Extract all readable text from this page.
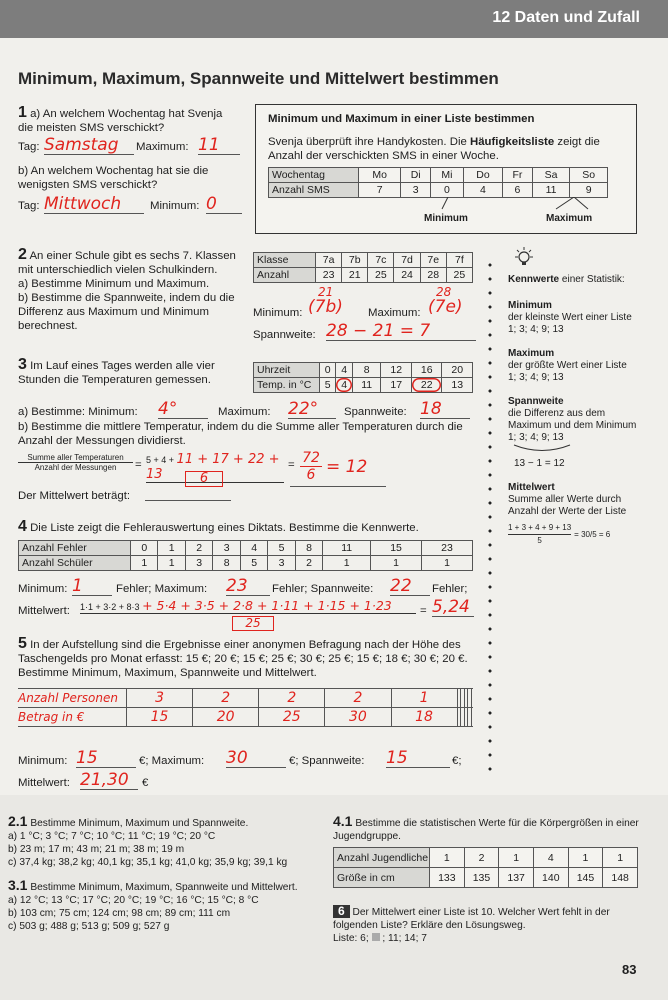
12 Daten und Zufall
Minimum, Maximum, Spannweite und Mittelwert bestimmen
1 a) An welchem Wochentag hat Svenja die meisten SMS verschickt?
Tag: Samstag	Maximum: 11
b) An welchem Wochentag hat sie die wenigsten SMS verschickt?
Tag: Mittwoch	Minimum: 0
Minimum und Maximum in einer Liste bestimmen
Svenja überprüft ihre Handykosten. Die Häufigkeitsliste zeigt die Anzahl der verschickten SMS in einer Woche.
Wochentag	Mo	Di	Mi	Do	Fr	Sa	So
Anzahl SMS	7	3	0	4	6	11	9
Minimum	Maximum
2 An einer Schule gibt es sechs 7. Klassen mit unterschiedlich vielen Schulkindern.
a) Bestimme Minimum und Maximum.
b) Bestimme die Spannweite, indem du die Differenz aus Maximum und Minimum berechnest.
Klasse	7a	7b	7c	7d	7e	7f
Anzahl	23	21	25	24	28	25
Minimum:
21
(7b) Maximum:
28
(7e)
Spannweite: 28 − 21 = 7
3 Im Lauf eines Tages werden alle vier Stunden die Temperaturen gemessen.
Uhrzeit	0	4	8	12	16	20
Temp. in °C	5	4	11	17	22	13
a) Bestimme: Minimum: 4°	Maximum: 22°	Spannweite: 18
b) Bestimme die mittlere Temperatur, indem du die Summe aller Temperaturen durch die Anzahl der Messungen dividierst.
Summe aller Temperaturen
Anzahl der Messungen	= 5 + 4 + 11 + 17 + 22 + 13	6
= 72
6 = 12
Der Mittelwert beträgt:
4 Die Liste zeigt die Fehlerauswertung eines Diktats. Bestimme die Kennwerte.
Anzahl Fehler	0	1	2	3	4	5	8	11	15	23
Anzahl Schüler	1	1	3	8	5	3	2	1	1	1
Minimum: 1	Fehler; Maximum: 23	Fehler; Spannweite: 22	Fehler;
Mittelwert: 1·1 + 3·2 + 8·3 + 5·4 + 3·5 + 2·8 + 1·11 + 1·15 + 1·23
25
= 5,24
5 In der Aufstellung sind die Ergebnisse einer anonymen Befragung nach der Höhe des Taschengelds pro Monat erfasst: 15 €; 20 €; 15 €; 25 €; 30 €; 25 €; 15 €; 18 €; 30 €; 20 €. Bestimme Minimum, Maximum, Spannweite und Mittelwert.
Anzahl Personen	3	2	2	2	1					
Betrag in €	15	20	25	30	18					
Minimum: 15	€; Maximum: 30	€; Spannweite: 15	€;
Mittelwert: 21,30	€
Kennwerte einer Statistik:
Minimum
der kleinste Wert einer Liste
1; 3; 4; 9; 13
Maximum
der größte Wert einer Liste
1; 3; 4; 9; 13
Spannweite
die Differenz aus dem Maximum und dem Minimum
1; 3; 4; 9; 13
13 − 1 = 12
Mittelwert
Summe aller Werte durch Anzahl der Werte der Liste
$\frac{1 + 3 + 4 + 9 + 13}{5} = 30/5 = 6$
2.1 Bestimme Minimum, Maximum und Spannweite.
a) 1 °C; 3 °C; 7 °C; 10 °C; 11 °C; 19 °C; 20 °C
b) 23 m; 17 m; 43 m; 21 m; 38 m; 19 m
c) 37,4 kg; 38,2 kg; 40,1 kg; 35,1 kg; 41,0 kg; 35,9 kg; 39,1 kg
3.1 Bestimme Minimum, Maximum, Spannweite und Mittelwert.
a) 12 °C; 13 °C; 17 °C; 20 °C; 19 °C; 16 °C; 15 °C; 8 °C
b) 103 cm; 75 cm; 124 cm; 98 cm; 89 cm; 111 cm
c) 503 g; 488 g; 513 g; 509 g; 527 g
4.1 Bestimme die statistischen Werte für die Körpergrößen in einer Jugendgruppe.
Anzahl Jugendliche	1	2	1	4	1	1
Größe in cm	133	135	137	140	145	148
6 Der Mittelwert einer Liste ist 10. Welcher Wert fehlt in der folgenden Liste? Erkläre den Lösungsweg.
Liste: 6; ; 11; 14; 7
83
